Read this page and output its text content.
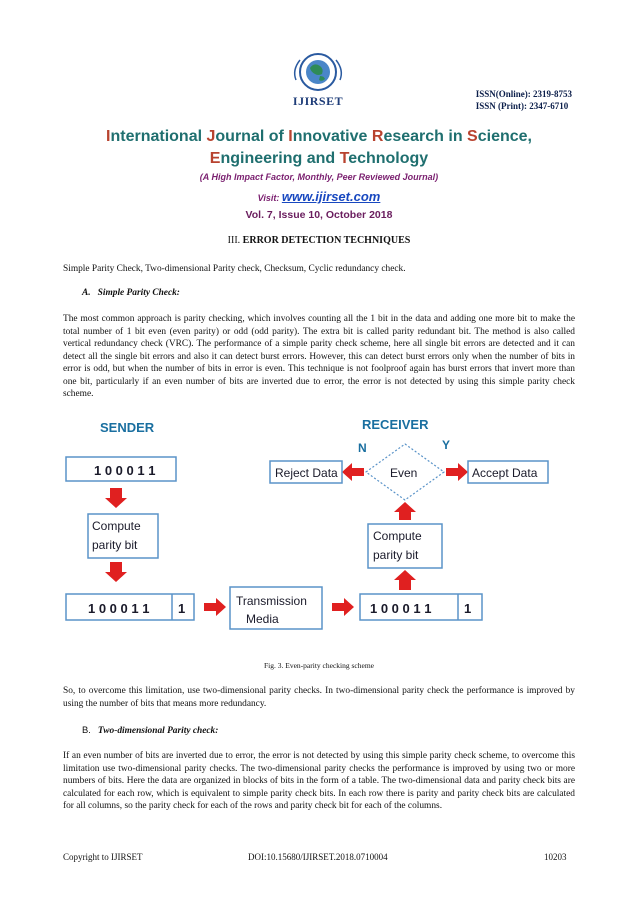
IJIRSET	ISSN(Online): 2319-8753
ISSN (Print): 2347-6710
International Journal of Innovative Research in Science,
Engineering and Technology
(A High Impact Factor, Monthly, Peer Reviewed Journal)
Visit: www.ijirset.com
Vol. 7, Issue 10, October 2018
III. ERROR DETECTION TECHNIQUES
Simple Parity Check, Two-dimensional Parity check, Checksum, Cyclic redundancy check.
A. Simple Parity Check:
The most common approach is parity checking, which involves counting all the 1 bit in the data and adding one more bit to make the total number of 1 bit even (even parity) or odd (odd parity). The extra bit is called parity redundant bit. The method is also called vertical redundancy check (VRC). The performance of a simple parity check scheme, here all single bit errors are detected and it can detect all the single bit errors and also it can detect burst errors. However, this can detect burst errors only when the number of bits in error is odd, but when the number of bits in error is even. This technique is not foolproof again has burst errors that invert more than one bit, particularly if an even number of bits are inverted due to error, the error is not detected by using this simple parity check scheme.
SENDER	RECEIVER
1 0 0 0 1 1
Compute
parity bit
1 0 0 0 1 1 1	Transmission
Media
1 0 0 0 1 1	1
Compute
parity bit
Even
N	Y
Reject Data	Accept Data
Fig. 3. Even-parity checking scheme
So, to overcome this limitation, use two-dimensional parity checks. In two-dimensional parity check the performance is improved by using the number of bits that means more redundancy.
B. Two-dimensional Parity check:
If an even number of bits are inverted due to error, the error is not detected by using this simple parity check scheme, to overcome this limitation use two-dimensional parity checks. The two-dimensional parity checks the performance is improved by using two or more numbers of bits. Here the data are organized in blocks of bits in the form of a table. The two-dimensional data and parity check bits are calculated for each row, which is equivalent to simple parity check bits. In each row there is parity and parity check bits are calculated for all columns, so the parity check for each of the rows and parity check bit for each of the columns.
Copyright to IJIRSET	DOI:10.15680/IJIRSET.2018.0710004	10203
